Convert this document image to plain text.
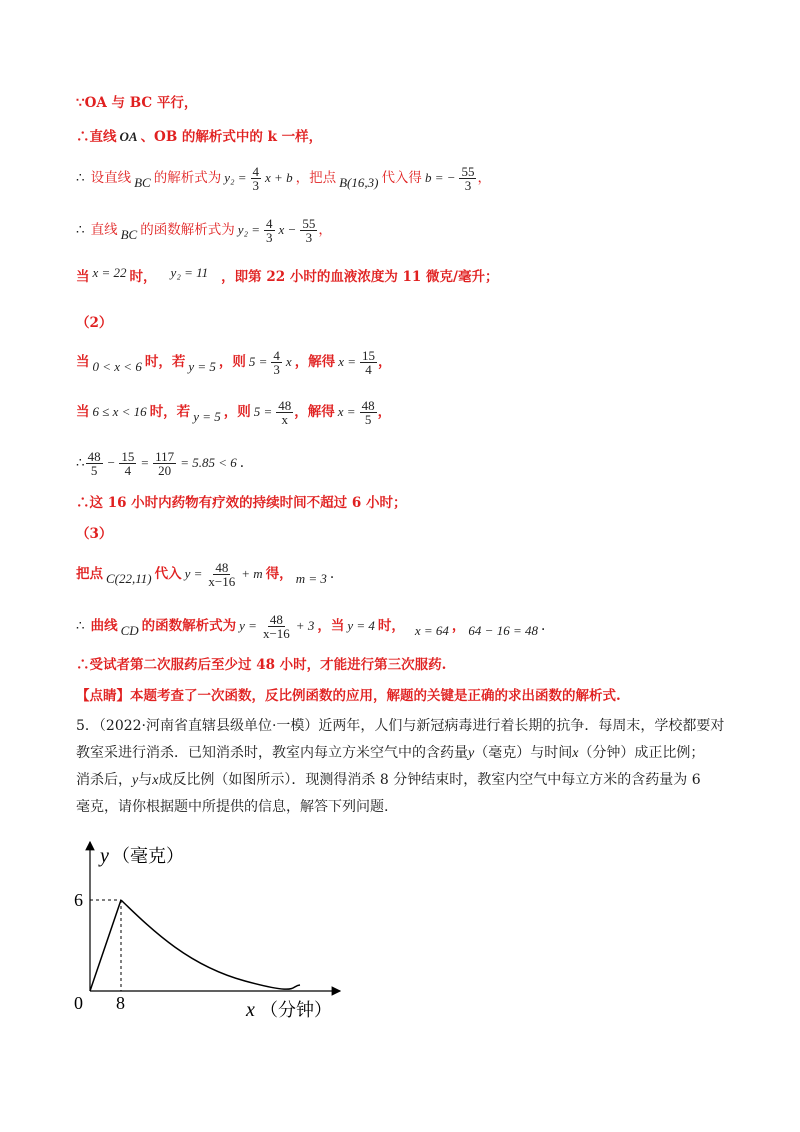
∵OA 与 BC 平行，
∴直线 OA 、OB 的解析式中的 k 一样，
∴ 设直线 BC 的解析式为 $y_2 = \frac{4}{3}$ x + b ，把点 B(16,3) 代入得 b = − $\frac{55}{3}$ ，
∴ 直线 BC 的函数解析式为 $y_2 = \frac{4}{3}$ $x - \frac{55}{3}$ ，
当 x = 22 时， y₂ = 11 ，即第 22 小时的血液浓度为 11 微克/毫升；
（2）
当 0 < x < 6 时，若 y = 5 ，则 $5 = \frac{4}{3}$ x ，解得 $x = \frac{15}{4}$ ，
当 6 ≤ x < 16 时，若 y = 5 ，则 $5 = \frac{48}{x}$ ，解得 $x = \frac{48}{5}$ ，
∴ $\frac{48}{5} - \frac{15}{4} = \frac{117}{20} = 5.85 < 6$ .
∴这 16 小时内药物有疗效的持续时间不超过 6 小时；
（3）
把点 C(22,11) 代入 $y = \frac{48}{x-16} + m$ 得， m = 3 .
∴ 曲线 CD 的函数解析式为 $y = \frac{48}{x-16} + 3$ ，当 y = 4 时， x = 64 ， 64 − 16 = 48 .
∴受试者第二次服药后至少过 48 小时，才能进行第三次服药.
【点睛】本题考查了一次函数，反比例函数的应用，解题的关键是正确的求出函数的解析式.
5．（2022·河南省直辖县级单位·一模）近两年，人们与新冠病毒进行着长期的抗争．每周末，学校都要对
教室采进行消杀．已知消杀时，教室内每立方米空气中的含药量y（毫克）与时间x（分钟）成正比例；
消杀后，y与x成反比例（如图所示）．现测得消杀 8 分钟结束时，教室内空气中每立方米的含药量为 6
毫克，请你根据题中所提供的信息，解答下列问题.
y （毫克）
6
0 8	x （分钟）
